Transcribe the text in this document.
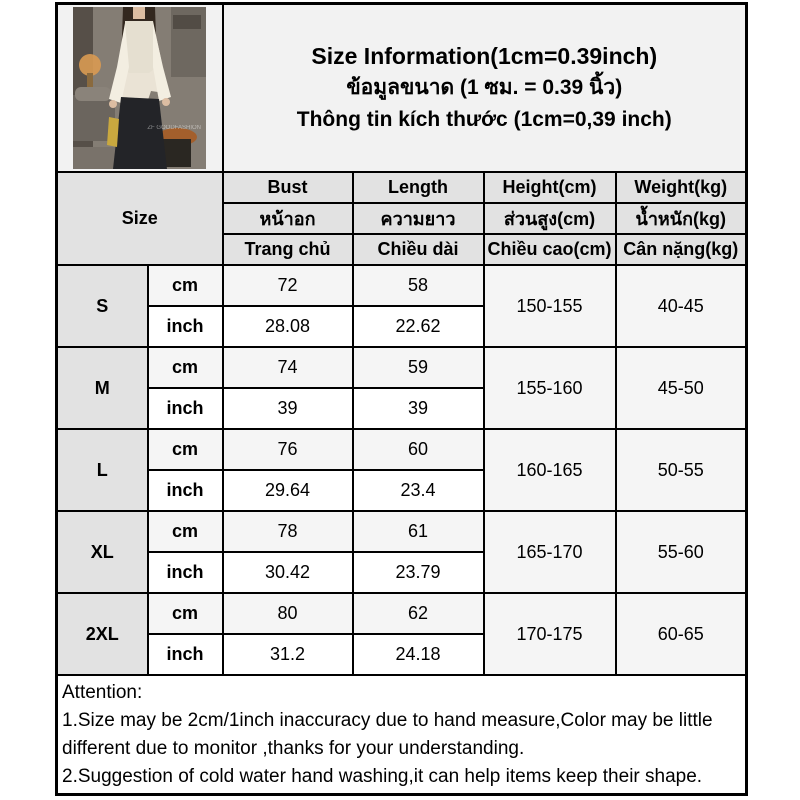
ZF GOODFASHION		Size Information(1cm=0.39inch)
ข้อมูลขนาด (1 ซม. = 0.39 นิ้ว)
Thông tin kích thước (1cm=0,39 inch)			

Size		Bust	Length	Height(cm)	Weight(kg)
		หน้าอก	ความยาว	ส่วนสูง(cm)	น้ำหนัก(kg)
		Trang chủ	Chiều dài	Chiều cao(cm)	Cân nặng(kg)
S	cm	72	58	150-155	40-45
	inch	28.08	22.62		
M	cm	74	59	155-160	45-50
	inch	39	39		
L	cm	76	60	160-165	50-55
	inch	29.64	23.4		
XL	cm	78	61	165-170	55-60
	inch	30.42	23.79		
2XL	cm	80	62	170-175	60-65
	inch	31.2	24.18		

Attention:
1.Size may be 2cm/1inch inaccuracy due to hand measure,Color may be little different due to monitor ,thanks for your understanding.
2.Suggestion of cold water hand washing,it can help items keep their shape.					
